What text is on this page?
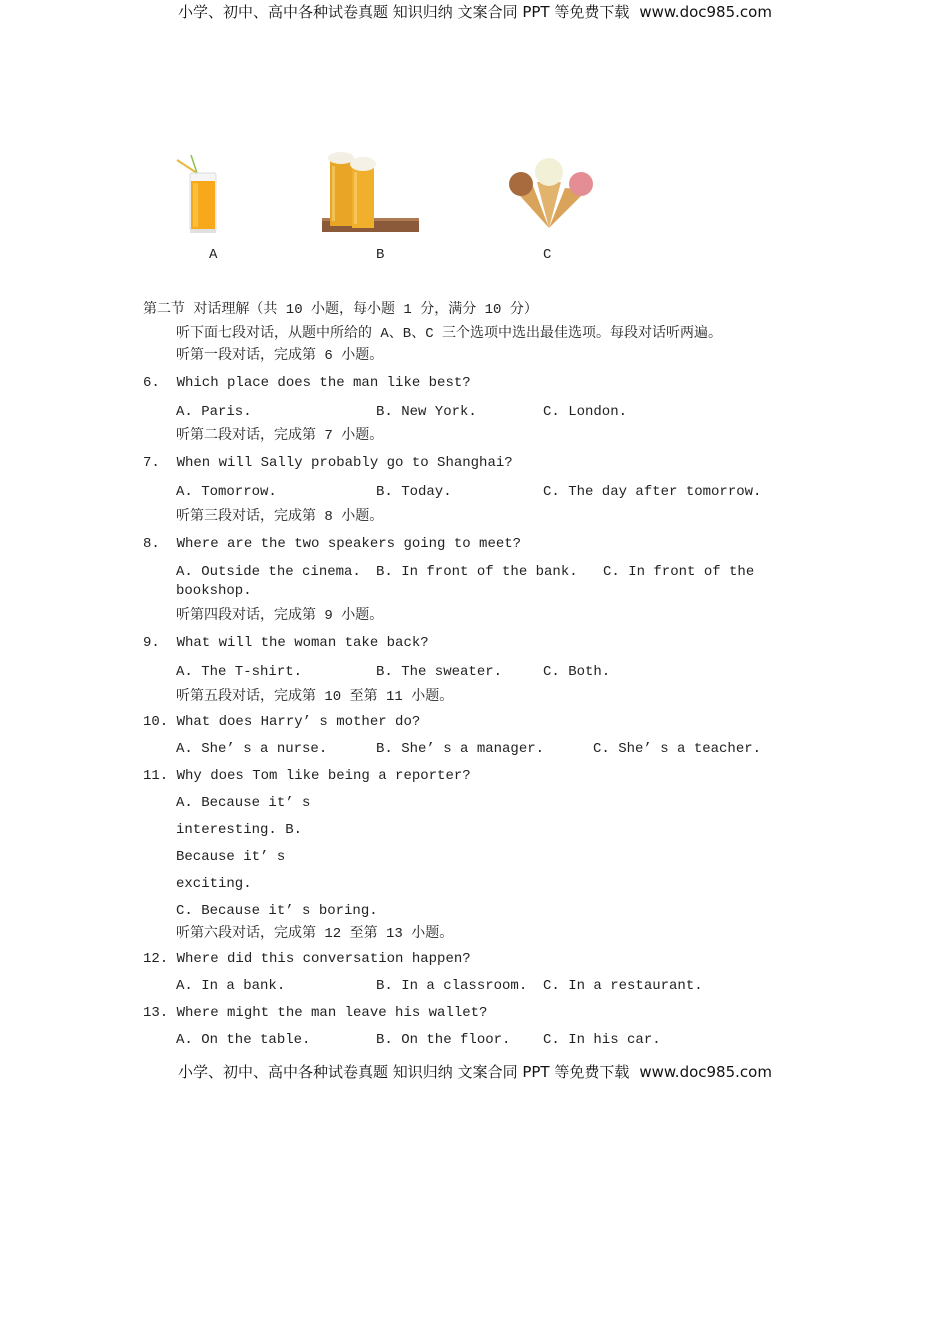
小学、初中、高中各种试卷真题 知识归纳 文案合同 PPT 等免费下载 www.doc985.com
A	B	C
第二节 对话理解（共 10 小题，每小题 1 分，满分 10 分）
听下面七段对话，从题中所给的 A、B、C 三个选项中选出最佳选项。每段对话听两遍。
听第一段对话，完成第 6 小题。
6.  Which place does the man like best?
A. Paris.	B. New York.	C. London.
听第二段对话，完成第 7 小题。
7.  When will Sally probably go to Shanghai?
A. Tomorrow.	B. Today.	C. The day after tomorrow.
听第三段对话，完成第 8 小题。
8.  Where are the two speakers going to meet?
A. Outside the cinema. B. In front of the bank. C. In front of the
bookshop.
听第四段对话，完成第 9 小题。
9.  What will the woman take back?
A. The T-shirt.	B. The sweater.	C. Both.
听第五段对话，完成第 10 至第 11 小题。
10. What does Harry’ s mother do?
A. She’ s a nurse.	B. She’ s a manager.	C. She’ s a teacher.
11. Why does Tom like being a reporter?
A. Because it’ s
interesting. B.
Because it’ s
exciting.
C. Because it’ s boring.
听第六段对话，完成第 12 至第 13 小题。
12. Where did this conversation happen?
A. In a bank.	B. In a classroom. C. In a restaurant.
13. Where might the man leave his wallet?
A. On the table.	B. On the floor. C. In his car.
小学、初中、高中各种试卷真题 知识归纳 文案合同 PPT 等免费下载 www.doc985.com
